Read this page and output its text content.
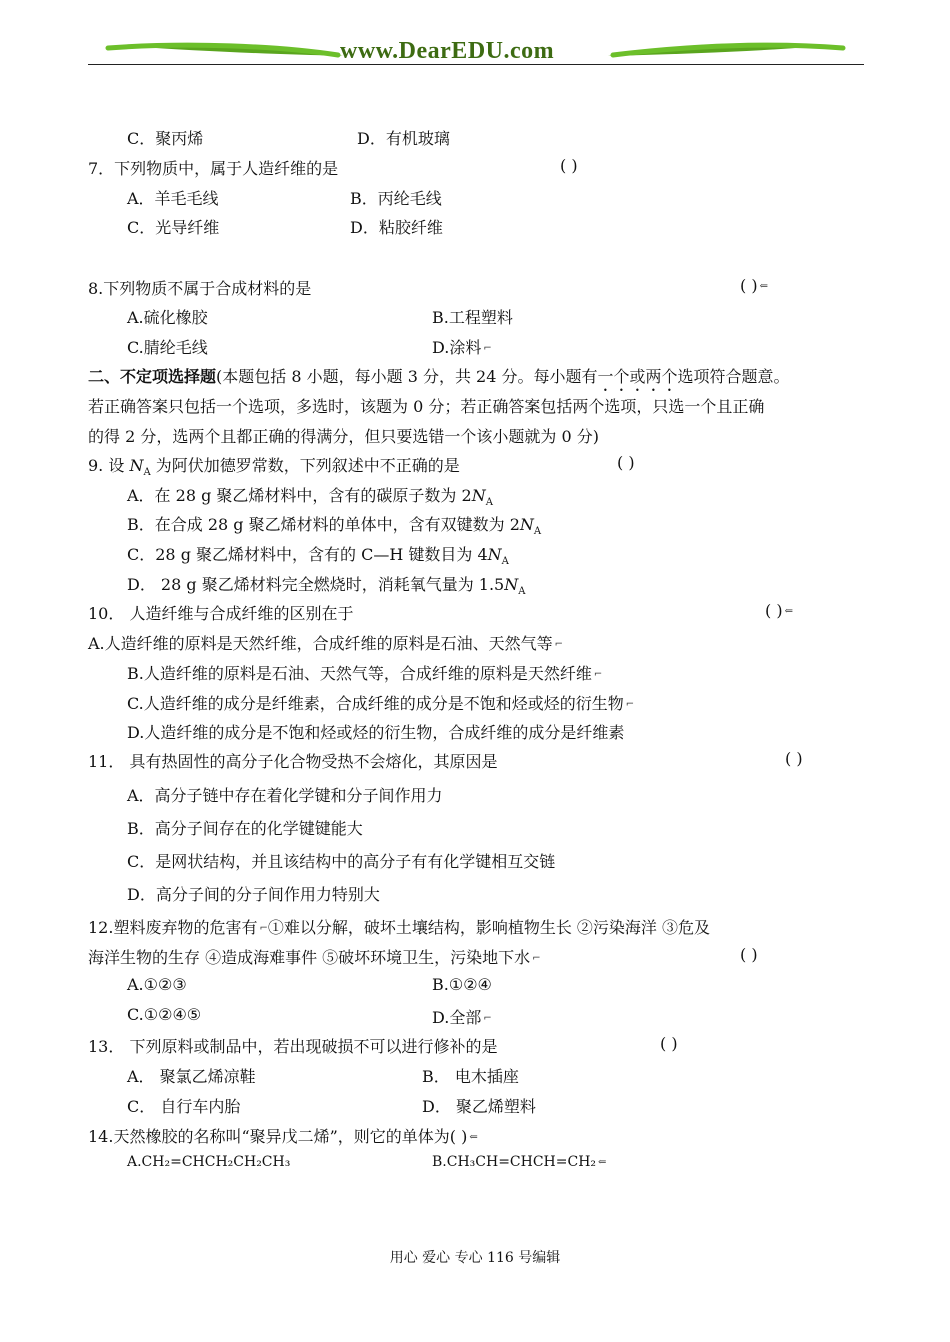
www.DearEDU.com
C．聚丙烯	D．有机玻璃
7．下列物质中，属于人造纤维的是	( )
A．羊毛毛线	B．丙纶毛线
C．光导纤维	D．粘胶纤维
8.下列物质不属于合成材料的是	( ) ⇐
A.硫化橡胶	B.工程塑料
C.腈纶毛线	D.涂料 ⌐
二、不定项选择题(本题包括 8 小题，每小题 3 分，共 24 分。每小题有一个或两个选项符合题意。
若正确答案只包括一个选项，多选时，该题为 0 分；若正确答案包括两个选项，只选一个且正确
的得 2 分，选两个且都正确的得满分，但只要选错一个该小题就为 0 分)
9. 设 $N_A$ 为阿伏加德罗常数，下列叙述中不正确的是	( )
A．在 28 g 聚乙烯材料中，含有的碳原子数为 $2N_A$
B．在合成 28 g 聚乙烯材料的单体中，含有双键数为 $2N_A$
C．28 g 聚乙烯材料中，含有的 C—H 键数目为 $4N_A$
D． 28 g 聚乙烯材料完全燃烧时，消耗氧气量为 $1.5N_A$
10． 人造纤维与合成纤维的区别在于	( ) ⇐
A.人造纤维的原料是天然纤维，合成纤维的原料是石油、天然气等 ⌐
B.人造纤维的原料是石油、天然气等，合成纤维的原料是天然纤维 ⌐
C.人造纤维的成分是纤维素，合成纤维的成分是不饱和烃或烃的衍生物 ⌐
D.人造纤维的成分是不饱和烃或烃的衍生物，合成纤维的成分是纤维素
11． 具有热固性的高分子化合物受热不会熔化，其原因是	( )
A．高分子链中存在着化学键和分子间作用力
B．高分子间存在的化学键键能大
C．是网状结构，并且该结构中的高分子有有化学键相互交链
D．高分子间的分子间作用力特别大
12.塑料废弃物的危害有 ⌐①难以分解，破坏土壤结构，影响植物生长 ②污染海洋 ③危及
海洋生物的生存 ④造成海难事件 ⑤破坏环境卫生，污染地下水 ⌐	( )
A.①②③	B.①②④
C.①②④⑤	D.全部 ⌐
13． 下列原料或制品中，若出现破损不可以进行修补的是	( )
A． 聚氯乙烯凉鞋	B． 电木插座
C． 自行车内胎	D． 聚乙烯塑料
14.天然橡胶的名称叫“聚异戊二烯”，则它的单体为( ) ⇐
A.CH₂=CHCH₂CH₂CH₃	B.CH₃CH=CHCH=CH₂ ⇐
用心 爱心 专心 116 号编辑
